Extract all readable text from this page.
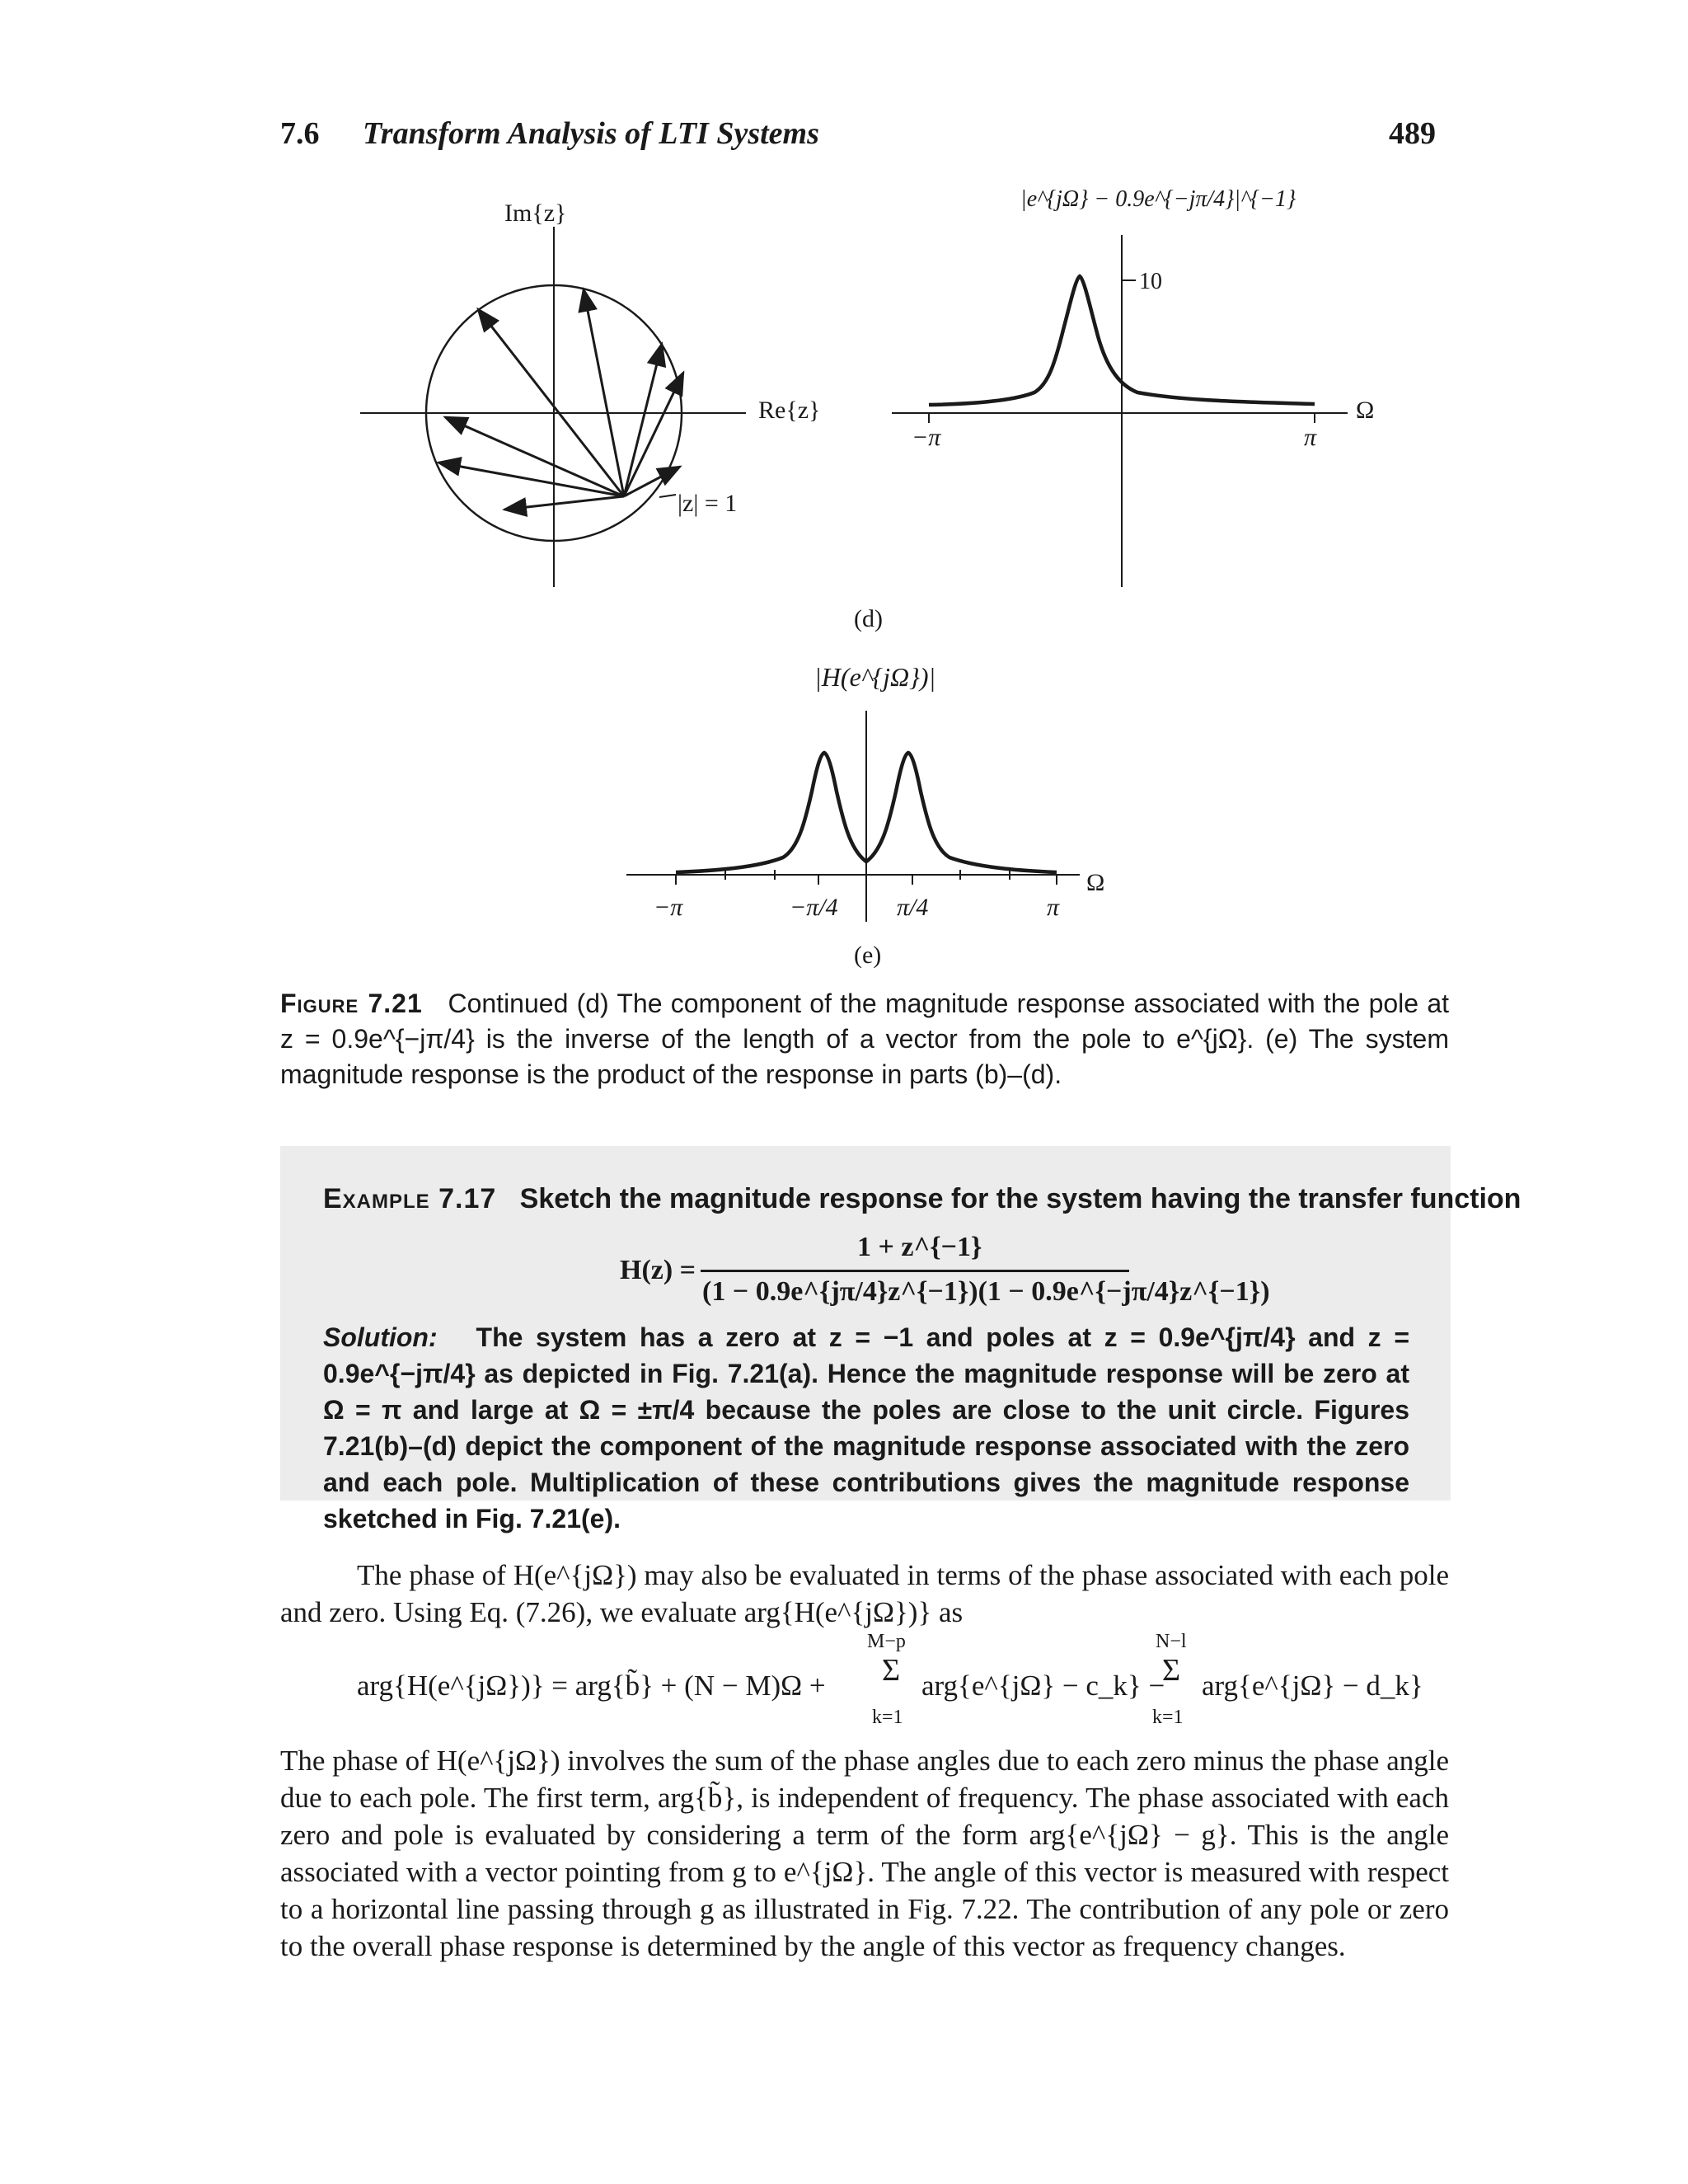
7.6 Transform Analysis of LTI Systems	489
Im{z}
Re{z}
|z| = 1
|e^{jΩ} − 0.9e^{−jπ/4}|^{−1}
10
−π	π
Ω
(d)
|H(e^{jΩ})|
−π	−π/4 π/4	π
Ω
(e)
Figure 7.21 Continued (d) The component of the magnitude response associated with the pole at z = 0.9e^{−jπ/4} is the inverse of the length of a vector from the pole to e^{jΩ}. (e) The system magnitude response is the product of the response in parts (b)–(d).
Example 7.17 Sketch the magnitude response for the system having the transfer function
H(z) =
1 + z^{−1}
(1 − 0.9e^{jπ/4}z^{−1})(1 − 0.9e^{−jπ/4}z^{−1})
Solution: The system has a zero at z = −1 and poles at z = 0.9e^{jπ/4} and z = 0.9e^{−jπ/4} as depicted in Fig. 7.21(a). Hence the magnitude response will be zero at Ω = π and large at Ω = ±π/4 because the poles are close to the unit circle. Figures 7.21(b)–(d) depict the component of the magnitude response associated with the zero and each pole. Multiplication of these contributions gives the magnitude response sketched in Fig. 7.21(e).
The phase of H(e^{jΩ}) may also be evaluated in terms of the phase associated with each pole and zero. Using Eq. (7.26), we evaluate arg{H(e^{jΩ})} as
arg{H(e^{jΩ})} = arg{b̃} + (N − M)Ω + Σ
M−p
k=1
arg{e^{jΩ} − c_k} −
Σ
N−l
k=1
arg{e^{jΩ} − d_k}
The phase of H(e^{jΩ}) involves the sum of the phase angles due to each zero minus the phase angle due to each pole. The first term, arg{b̃}, is independent of frequency. The phase associated with each zero and pole is evaluated by considering a term of the form arg{e^{jΩ} − g}. This is the angle associated with a vector pointing from g to e^{jΩ}. The angle of this vector is measured with respect to a horizontal line passing through g as illustrated in Fig. 7.22. The contribution of any pole or zero to the overall phase response is determined by the angle of this vector as frequency changes.
